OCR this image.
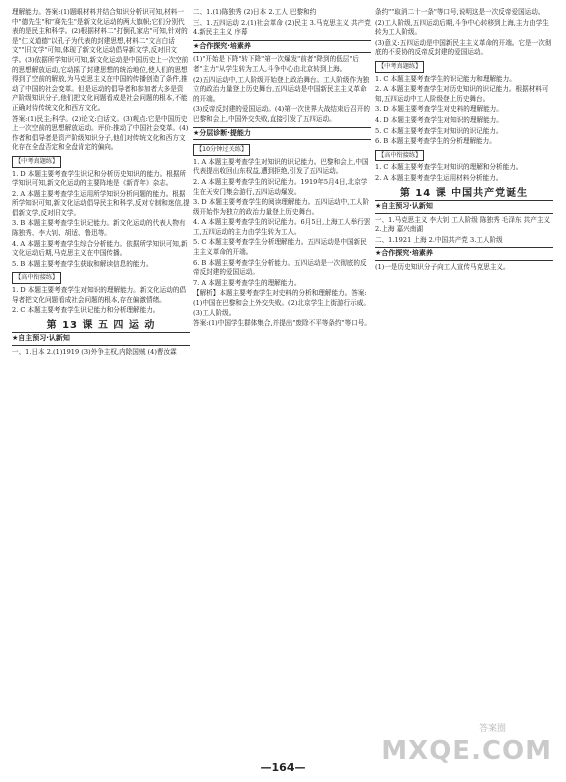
理解能力。答案:(1)题眼材料并结合知识分析识可知,材料一中"德先生"和"赛先生"是新文化运动的两大旗帜;它们分别代表的是民主和科学。(2)根据材料二"打倒孔家店"可知,针对的是"仁义道德"以孔子为代表的封建思想,材料二"文言白话文""旧文学"可知,体现了新文化运动倡导新文学,反对旧文学。(3)依据所学知识可知,新文化运动是中国历史上一次空前的思想解放运动,它动摇了封建思想的统治地位,使人们的思想得到了空前的解放,为马克思主义在中国的传播创造了条件,推动了中国的社会变革。但是运动的倡导者和参加者大多是资产阶级知识分子,他们把文化问题看成是社会问题的根本,不能正确对待传统文化和西方文化。

答案:(1)民主;科学。(2)论文:白话文。(3)观点:它是中国历史上一次空前的思想解放运动。评价:推动了中国社会变革。(4)作者和倡导者是资产阶级知识分子,他们对传统文化和西方文化存在全盘否定和全盘肯定的偏向。

【中考真题练】

1. D 本题主要考查学生识记和分析历史知识的能力。根据所学知识可知,新文化运动的主要阵地是《新青年》杂志。

2. A 本题主要考查学生运用所学知识分析问题的能力。根据所学知识可知,新文化运动倡导民主和科学,反对专制和迷信,提倡新文学,反对旧文学。

3. B 本题主要考查学生识记能力。新文化运动的代表人物有陈独秀、李大钊、胡适、鲁迅等。

4. A 本题主要考查学生综合分析能力。依据所学知识可知,新文化运动后期,马克思主义在中国传播。

5. B 本题主要考查学生获取和解读信息的能力。

【高中衔接练】

1. D 本题主要考查学生对知识的理解能力。新文化运动的倡导者把文化问题看成社会问题的根本,存在偏激情绪。

2. C 本题主要考查学生识记能力和分析理解能力。

第 13 课 五 四 运 动
★自主预习·认新知

一、1.日本 2.(1)1919 (3)外争主权,内除国贼 (4)曹汝霖

二、1.(1)陈独秀 (2)日本 2.工人 巴黎和约

三、1.五四运动 2.(1)社会革命 (2)民主 3.马克思主义 共产党 4.新民主主义 序幕

★合作探究·培素养

(1)"开始是下降"转下降"第一次爆发"前者"降到的低层"后者"主力"从学生转为工人,斗争中心由北京转到上海。

(2)五四运动中,工人阶级开始登上政治舞台。工人阶级作为独立的政治力量登上历史舞台,五四运动是中国新民主主义革命的开端。

(3)反帝反封建的爱国运动。(4)第一次世界大战结束后召开的巴黎和会上,中国外交失败,直接引发了五四运动。

★分层诊断·提能力
【10分钟过关练】

1. A 本题主要考查学生对知识的识记能力。巴黎和会上,中国代表提出收回山东权益,遭到拒绝,引发了五四运动。

2. A 本题主要考查学生的识记能力。1919年5月4日,北京学生在天安门集会游行,五四运动爆发。

3. D 本题主要考查学生的阅读理解能力。五四运动中,工人阶级开始作为独立的政治力量登上历史舞台。

4. A 本题主要考查学生的识记能力。6月5日,上海工人举行罢工,五四运动的主力由学生转为工人。

5. C 本题主要考查学生分析理解能力。五四运动是中国新民主主义革命的开端。

6. B 本题主要考查学生分析能力。五四运动是一次彻底的反帝反封建的爱国运动。

7. A 本题主要考查学生的理解能力。

【解析】本题主要考查学生对史料的分析和理解能力。答案:(1)中国在巴黎和会上外交失败。(2)北京学生上街游行示威。(3)工人阶级。

答案:(1)中国学生群体集合,并提出"废除不平等条约"等口号。

条约""取消二十一条"等口号,说明这是一次反帝爱国运动。

(2)工人阶级,五四运动后期,斗争中心转移到上海,主力由学生转为工人阶级。

(3)意义:五四运动是中国新民主主义革命的开端。它是一次彻底的不妥协的反帝反封建的爱国运动。

【中考真题练】

1. C 本题主要考查学生的识记能力和理解能力。

2. A 本题主要考查学生对历史知识的识记能力。根据材料可知,五四运动中工人阶级登上历史舞台。

3. D 本题主要考查学生对史料的理解能力。

4. D 本题主要考查学生对知识的理解能力。

5. C 本题主要考查学生对知识的识记能力。

6. B 本题主要考查学生的分析理解能力。

【高中衔接练】

1. C 本题主要考查学生对知识的理解和分析能力。

2. A 本题主要考查学生运用材料分析能力。

第 14 课 中国共产党诞生
★自主预习·认新知

一、1.马克思主义 李大钊 工人阶级 陈独秀 毛泽东 共产主义 2.上海 嘉兴南湖

二、1.1921 上海 2.中国共产党 3.工人阶级

★合作探究·培素养

(1)一是历史知识分子向工人宣传马克思主义。

答案圈
MXQE.COM
—164—
